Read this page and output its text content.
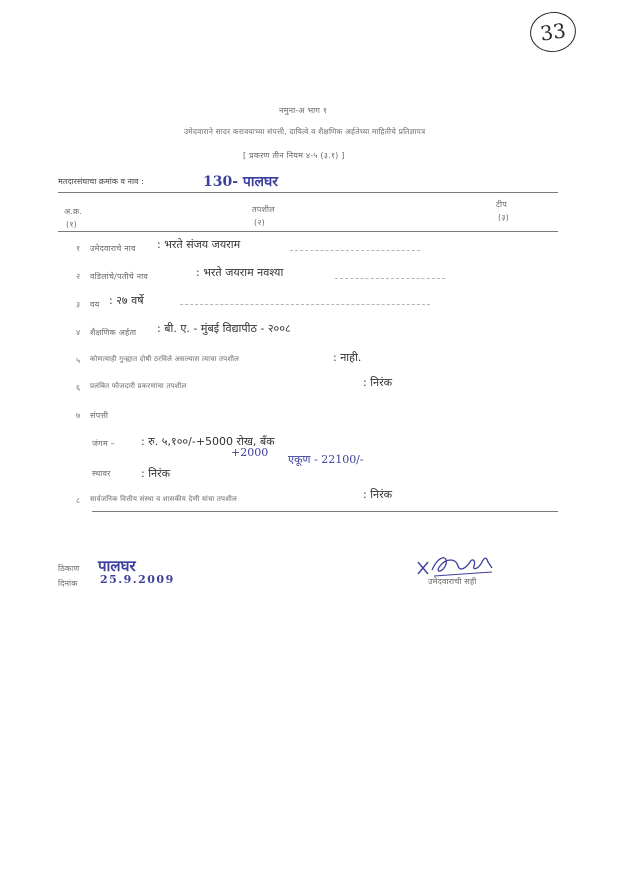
33
नमुना-अ भाग १
उमेदवाराने सादर करावयाच्या संपत्ती, दायित्वे व शैक्षणिक अर्हतेच्या माहितीचे प्रतिज्ञापत्र
[ प्रकरण तीन नियम ४-५ (३.१) ]
मतदारसंघाचा क्रमांक व नाव :	130- पालघर
अ.क्र.
(१)
तपशील
(२)
टीप
(३)
१ उमेदवाराचे नाव : भरते संजय जयराम
२ वडिलांचे/पतीचे नाव	: भरते जयराम नवश्या
३ वय : २७ वर्षे
४ शैक्षणिक अर्हता : बी. ए. - मुंबई विद्यापीठ - २००८
५ कोणत्याही गुन्ह्यात दोषी ठरविले असल्यास त्याचा तपशील	: नाही.
६ प्रलंबित फौजदारी प्रकरणांचा तपशील	: निरंक
७ संपत्ती
जंगम – : रु. ५,१००/-+5000 रोख, बँक
+2000
एकूण - 22100/-
स्थावर	: निरंक
८ सार्वजनिक वित्तीय संस्था व शासकीय देणी यांचा तपशील	: निरंक
ठिकाण पालघर
दिनांक 25.9.2009	उमेदवाराची सही
